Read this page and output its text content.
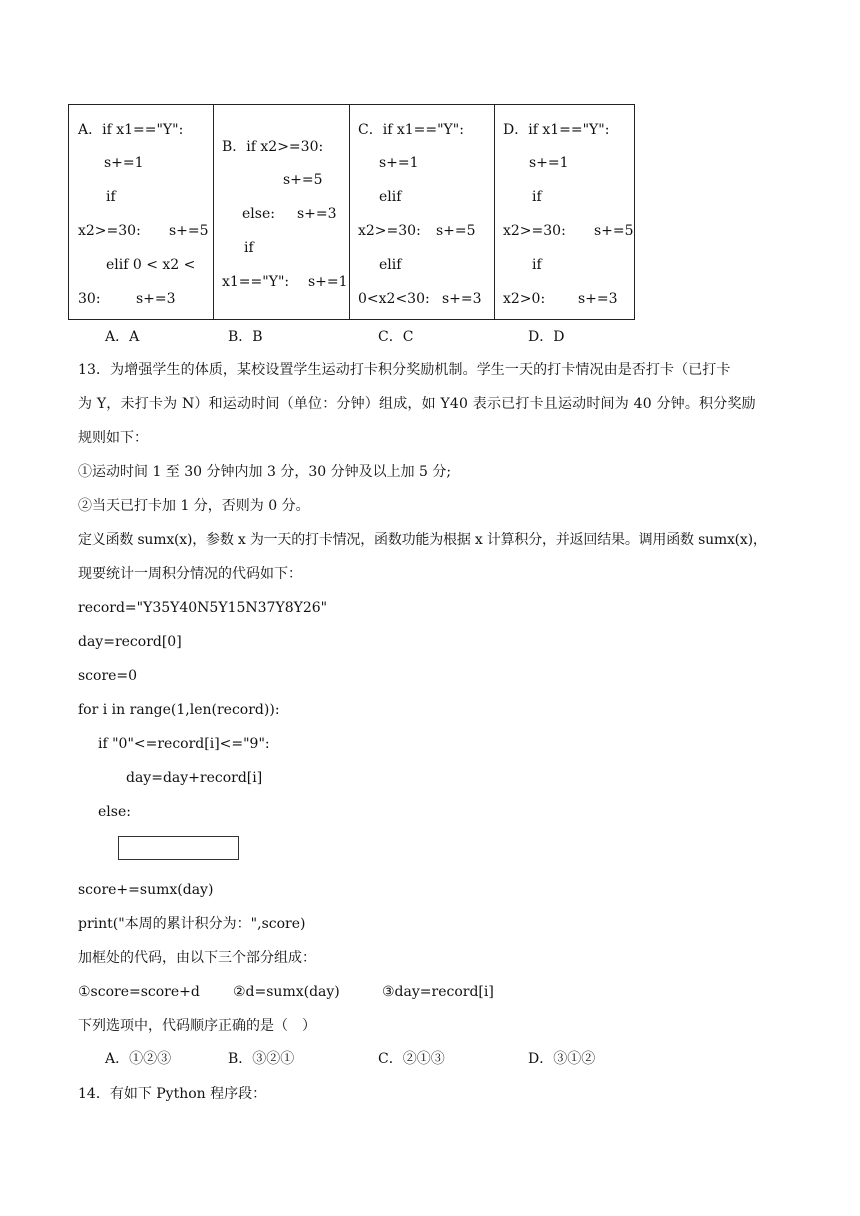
A．if x1=="Y":
s+=1
if
x2>=30: s+=5
elif 0 < x2 <
30:	s+=3

B．if x2>=30:
s+=5
else: s+=3
if
x1=="Y": s+=1

C．if x1=="Y":
s+=1
elif
x2>=30: s+=5
elif
0<x2<30: s+=3

D．if x1=="Y":
s+=1
if
x2>=30: s+=5
if
x2>0: s+=3
A．A	B．B	C．C	D．D
13．为增强学生的体质，某校设置学生运动打卡积分奖励机制。学生一天的打卡情况由是否打卡（已打卡
为 Y，未打卡为 N）和运动时间（单位：分钟）组成，如 Y40 表示已打卡且运动时间为 40 分钟。积分奖励
规则如下：
①运动时间 1 至 30 分钟内加 3 分，30 分钟及以上加 5 分;
②当天已打卡加 1 分，否则为 0 分。
定义函数 sumx(x)，参数 x 为一天的打卡情况，函数功能为根据 x 计算积分，并返回结果。调用函数 sumx(x)，
现要统计一周积分情况的代码如下：
record="Y35Y40N5Y15N37Y8Y26"
day=record[0]
score=0
for i in range(1,len(record)):
if "0"<=record[i]<="9":
day=day+record[i]
else:
score+=sumx(day)
print("本周的累计积分为：",score)
加框处的代码，由以下三个部分组成：
①score=score+d ②d=sumx(day)	③day=record[i]
下列选项中，代码顺序正确的是（　）
A．①②③	B．③②①	C．②①③	D．③①②
14．有如下 Python 程序段：
